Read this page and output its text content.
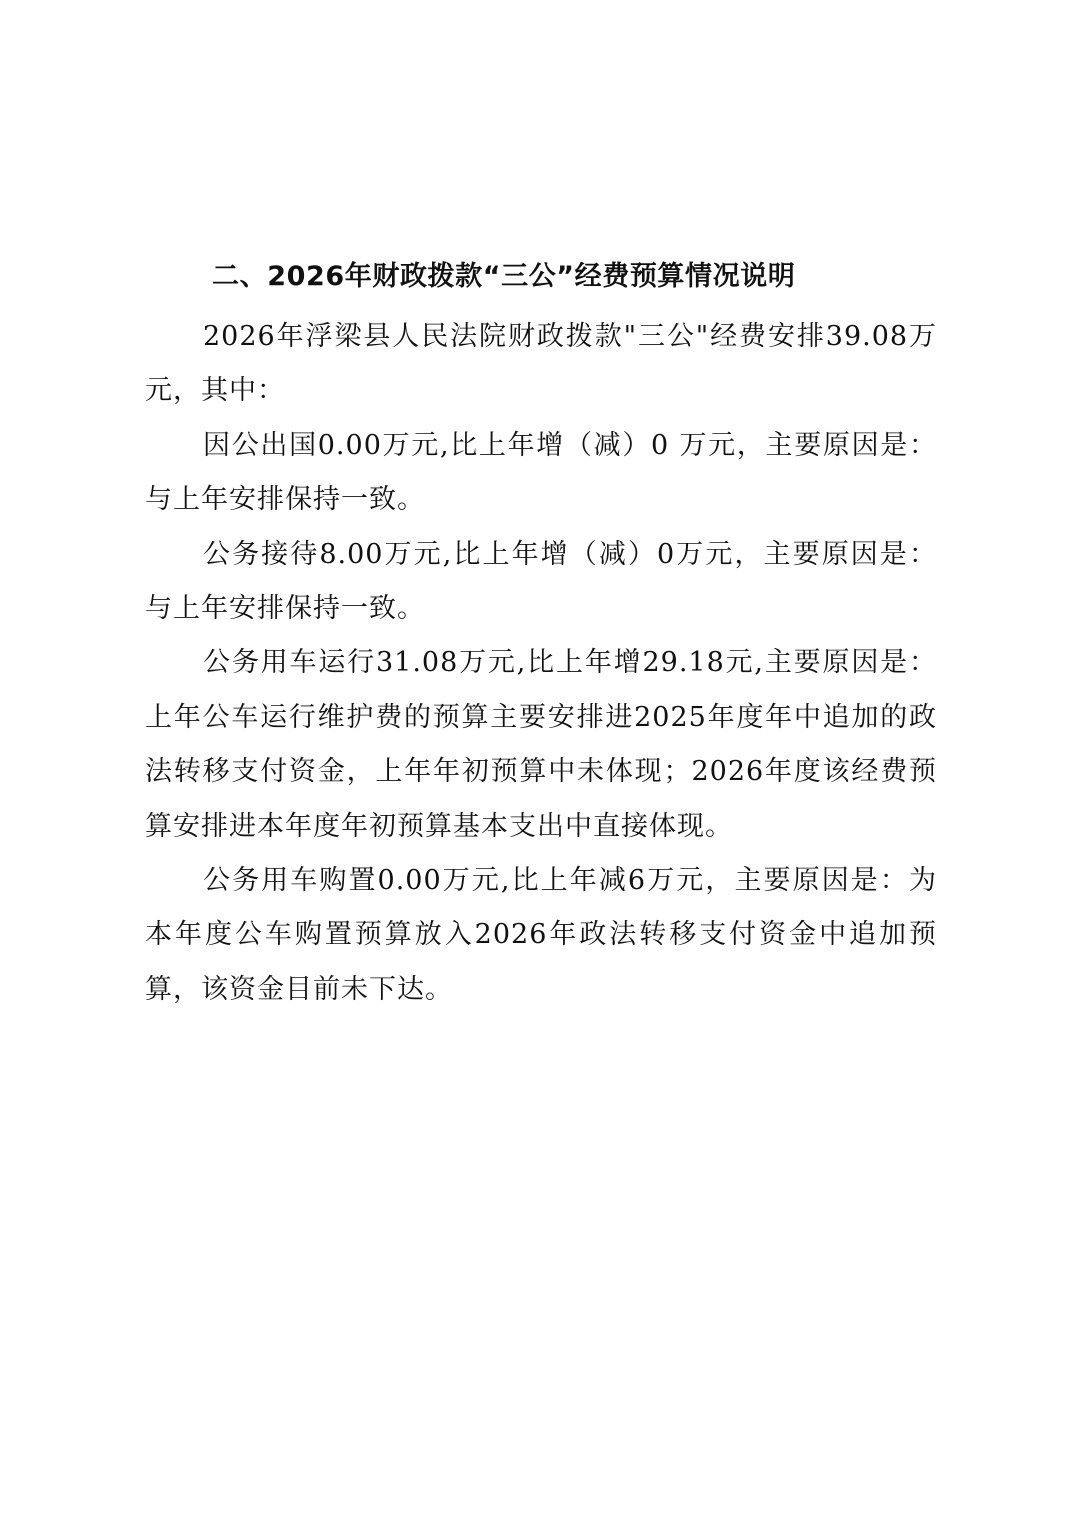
二、2026年财政拨款“三公”经费预算情况说明

2026年浮梁县人民法院财政拨款"三公"经费安排39.08万元，其中：

因公出国0.00万元,比上年增（减）0 万元，主要原因是：与上年安排保持一致。

公务接待8.00万元,比上年增（减）0万元，主要原因是：与上年安排保持一致。

公务用车运行31.08万元,比上年增29.18元,主要原因是：上年公车运行维护费的预算主要安排进2025年度年中追加的政法转移支付资金，上年年初预算中未体现；2026年度该经费预算安排进本年度年初预算基本支出中直接体现。

公务用车购置0.00万元,比上年减6万元，主要原因是：为本年度公车购置预算放入2026年政法转移支付资金中追加预算，该资金目前未下达。
